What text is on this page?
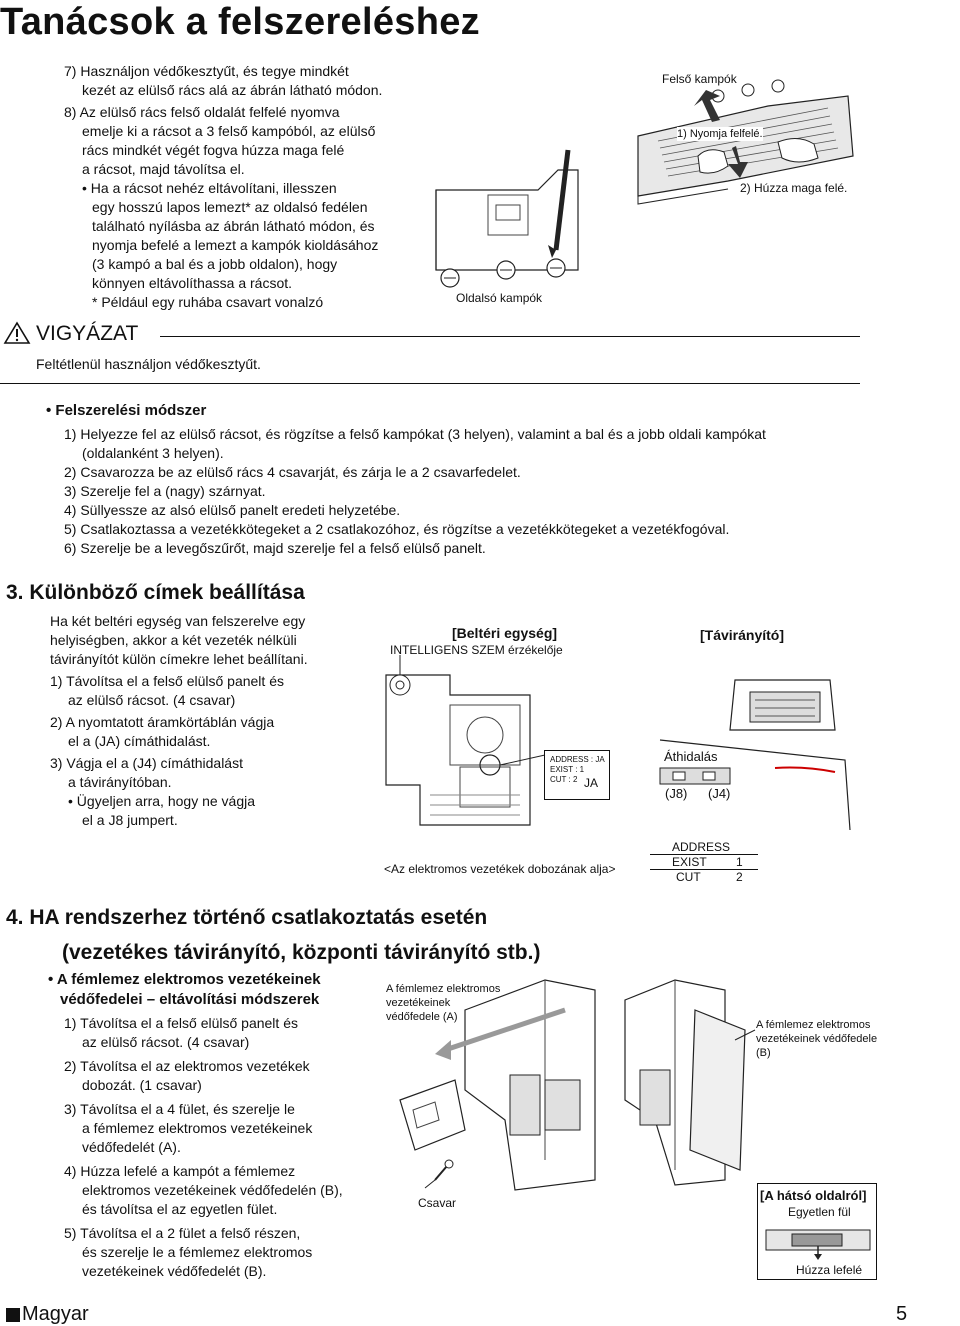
Tanácsok a felszereléshez
7) Használjon védőkesztyűt, és tegye mindkét
kezét az elülső rács alá az ábrán látható módon.
8) Az elülső rács felső oldalát felfelé nyomva
emelje ki a rácsot a 3 felső kampóból, az elülső
rács mindkét végét fogva húzza maga felé
a rácsot, majd távolítsa el.
• Ha a rácsot nehéz eltávolítani, illesszen
egy hosszú lapos lemezt* az oldalsó fedélen
található nyílásba az ábrán látható módon, és
nyomja befelé a lemezt a kampók kioldásához
(3 kampó a bal és a jobb oldalon), hogy
könnyen eltávolíthassa a rácsot.
* Például egy ruhába csavart vonalzó	Oldalsó kampók
Felső kampók
1) Nyomja felfelé.
2) Húzza maga felé.
VIGYÁZAT
Feltétlenül használjon védőkesztyűt.
• Felszerelési módszer
1) Helyezze fel az elülső rácsot, és rögzítse a felső kampókat (3 helyen), valamint a bal és a jobb oldali kampókat
(oldalanként 3 helyen).
2) Csavarozza be az elülső rács 4 csavarját, és zárja le a 2 csavarfedelet.
3) Szerelje fel a (nagy) szárnyat.
4) Süllyessze az alsó elülső panelt eredeti helyzetébe.
5) Csatlakoztassa a vezetékkötegeket a 2 csatlakozóhoz, és rögzítse a vezetékkötegeket a vezetékfogóval.
6) Szerelje be a levegőszűrőt, majd szerelje fel a felső elülső panelt.
3. Különböző címek beállítása
Ha két beltéri egység van felszerelve egy
helyiségben, akkor a két vezeték nélküli
távirányítót külön címekre lehet beállítani.
1) Távolítsa el a felső elülső panelt és
az elülső rácsot. (4 csavar)
2) A nyomtatott áramkörtáblán vágja
el a (JA) címáthidalást.
3) Vágja el a (J4) címáthidalást
a távirányítóban.
• Ügyeljen arra, hogy ne vágja
el a J8 jumpert.
[Beltéri egység]
INTELLIGENS SZEM érzékelője
[Távirányító]
ADDRESS : JA
EXIST : 1
CUT : 2 JA
Áthidalás
(J8) (J4)
<Az elektromos vezetékek dobozának alja>
ADDRESS
EXIST	1
CUT	2
4. HA rendszerhez történő csatlakoztatás esetén
(vezetékes távirányító, központi távirányító stb.)
• A fémlemez elektromos vezetékeinek
védőfedelei – eltávolítási módszerek
1) Távolítsa el a felső elülső panelt és
az elülső rácsot. (4 csavar)
2) Távolítsa el az elektromos vezetékek
dobozát. (1 csavar)
3) Távolítsa el a 4 fület, és szerelje le
a fémlemez elektromos vezetékeinek
védőfedelét (A).
4) Húzza lefelé a kampót a fémlemez
elektromos vezetékeinek védőfedelén (B),
és távolítsa el az egyetlen fület.
5) Távolítsa el a 2 fület a felső részen,
és szerelje le a fémlemez elektromos
vezetékeinek védőfedelét (B).
A fémlemez elektromos
vezetékeinek
védőfedele (A)
Csavar
A fémlemez elektromos
vezetékeinek védőfedele
(B)
[A hátsó oldalról]
Egyetlen fül
Húzza lefelé
Magyar	5
